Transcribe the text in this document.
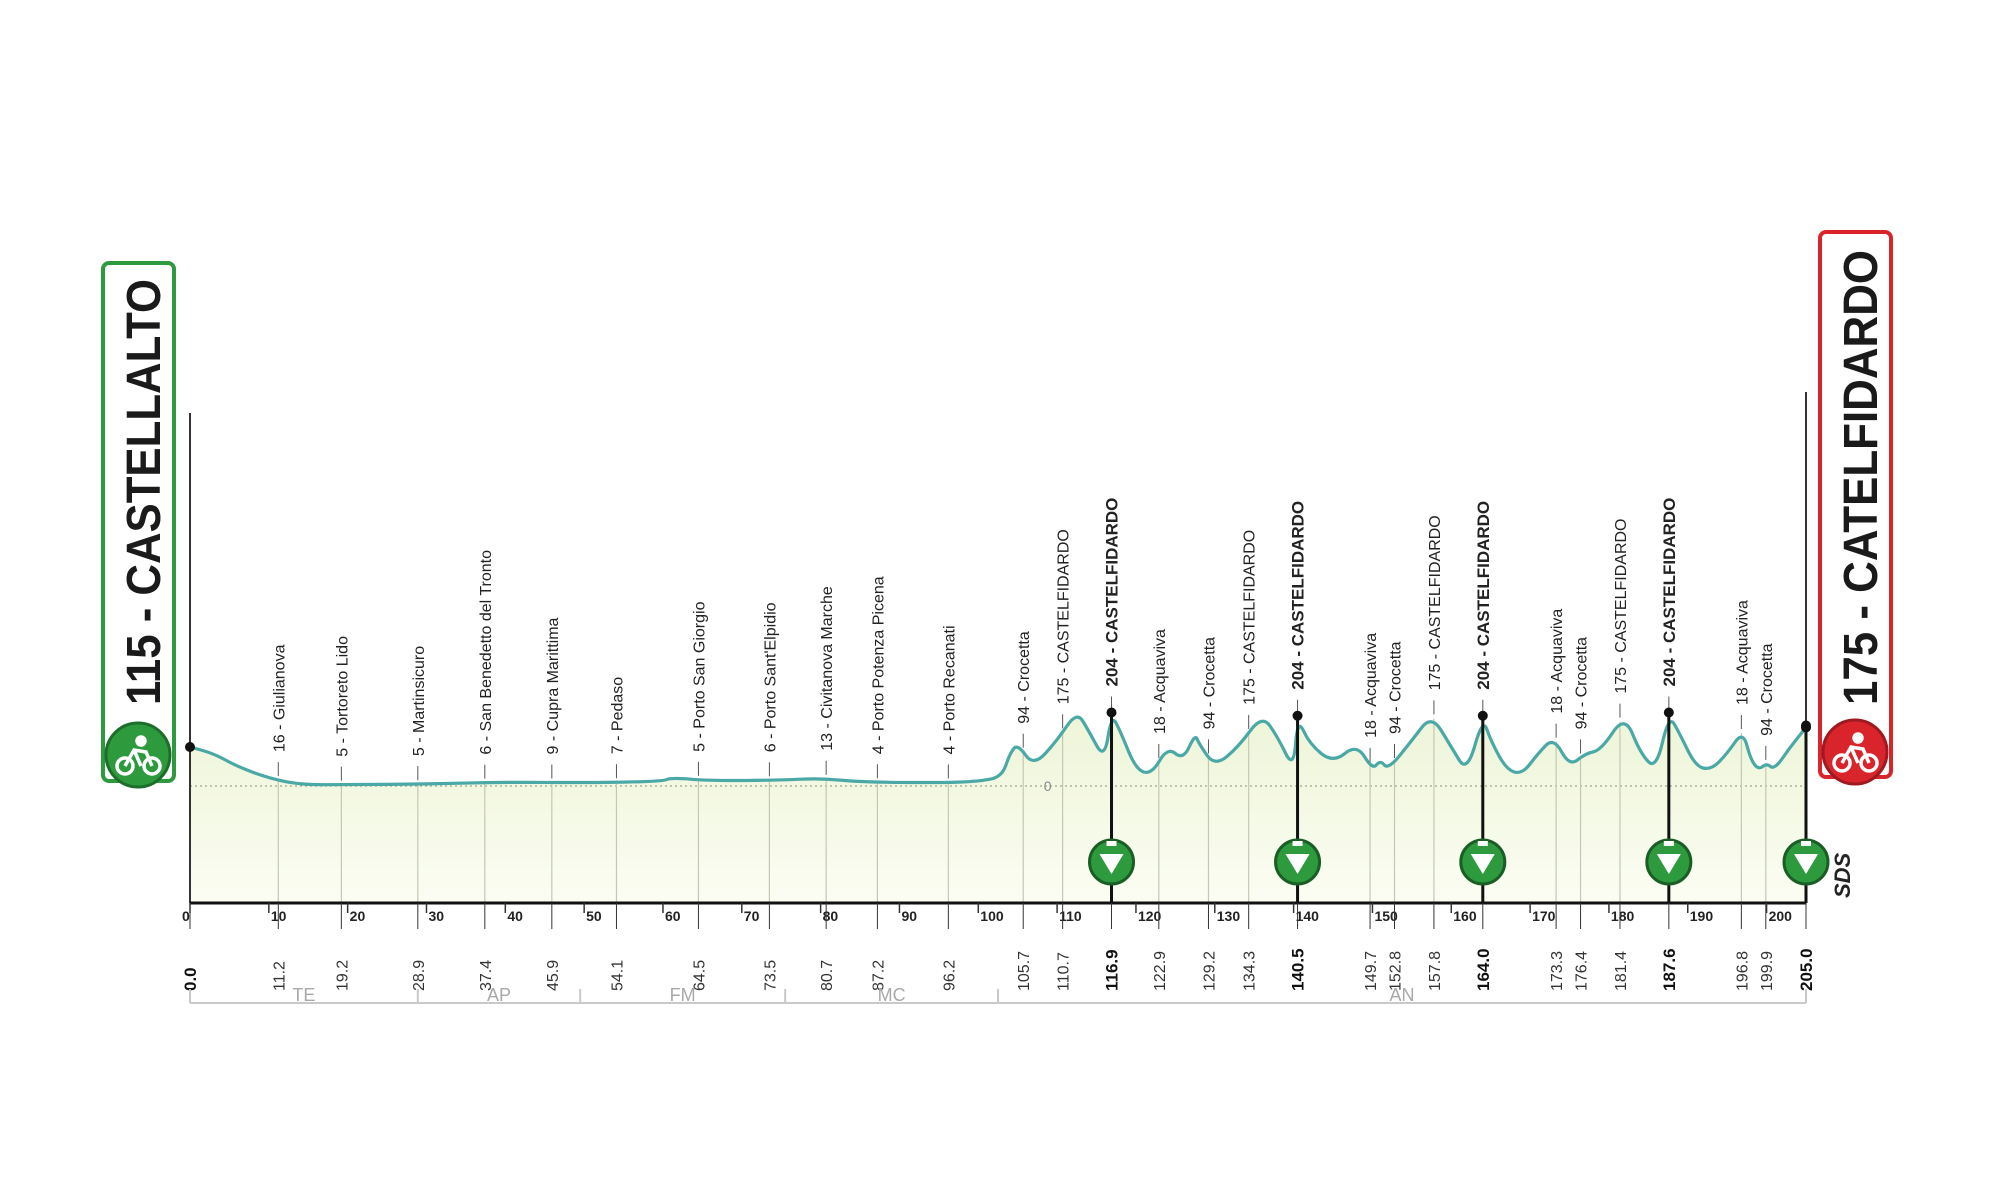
0	10	20	30	40	50	60	70	80	90	100	110	120	130	140	150	160	170	180	190	200
0.0	11.2	19.2	28.9	37.4	45.9	54.1	64.5	73.5 80.7 87.2	96.2	105.7 110.7 116.9 122.9 129.2 134.3 140.5	149.7 152.8 157.8 164.0	173.3 176.4 181.4 187.6	196.8 199.9 205.0
16 - Giulianova	5 - Tortoreto Lido	5 - Martinsicuro	6 - San Benedetto del Tronto	9 - Cupra Marittima	7 - Pedaso	5 - Porto San Giorgio	6 - Porto Sant'Elpidio 13 - Civitanova Marche 4 - Porto Potenza Picena	4 - Porto Recanati	94 - Crocetta 175 - CASTELFIDARDO 204 - CASTELFIDARDO 18 - Acquaviva 94 - Crocetta 175 - CASTELFIDARDO 204 - CASTELFIDARDO	18 - Acquaviva 94 - Crocetta 175 - CASTELFIDARDO 204 - CASTELFIDARDO	18 - Acquaviva 94 - Crocetta 175 - CASTELFIDARDO 204 - CASTELFIDARDO	18 - Acquaviva 94 - Crocetta
TE	AP	FM	MC	AN
115 - CASTELLALTO	175 - CATELFIDARDO
SDS
0
